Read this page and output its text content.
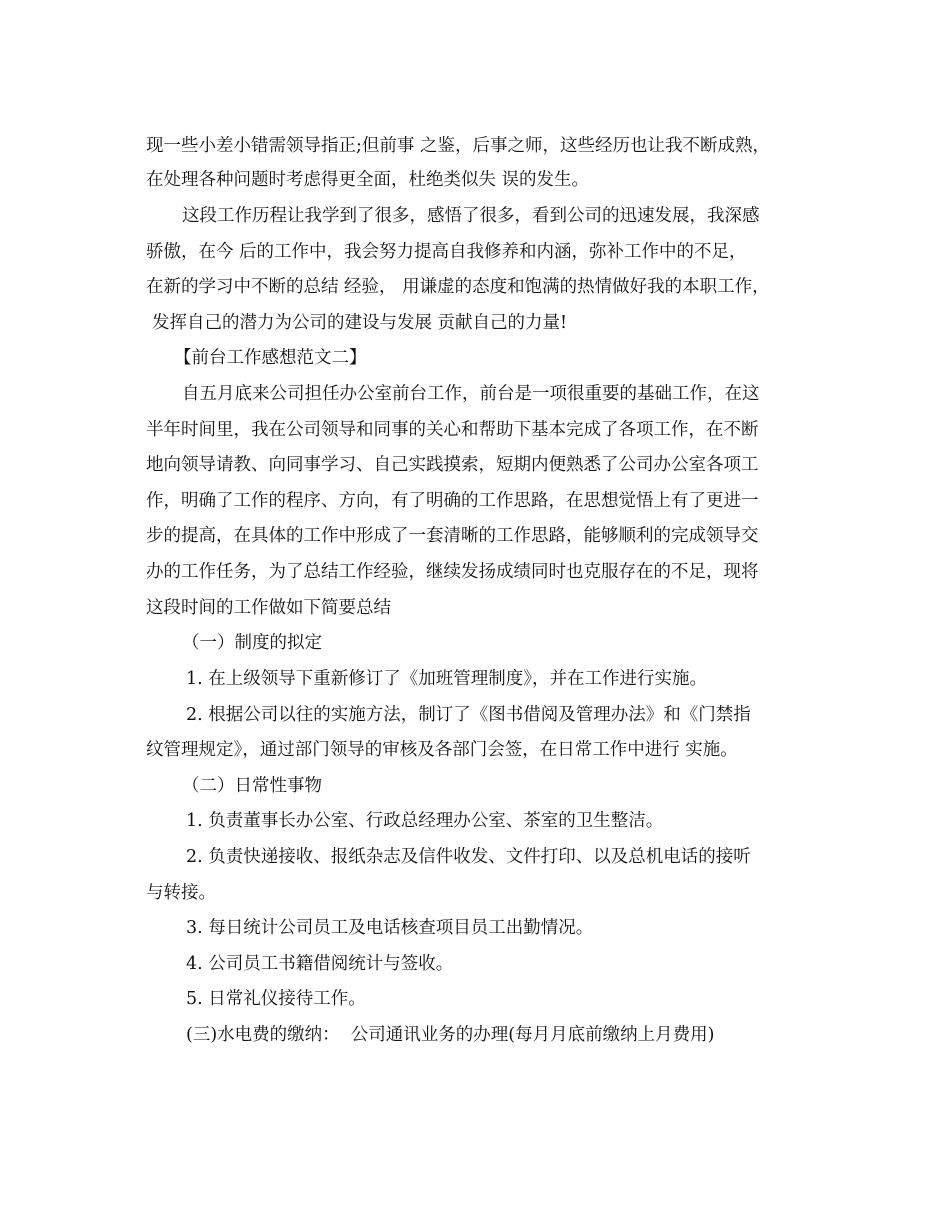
现一些小差小错需领导指正;但前事 之鉴，后事之师，这些经历也让我不断成熟，

在处理各种问题时考虑得更全面，杜绝类似失 误的发生。

这段工作历程让我学到了很多，感悟了很多，看到公司的迅速发展，我深感

骄傲，在今 后的工作中，我会努力提高自我修养和内涵，弥补工作中的不足，

在新的学习中不断的总结 经验， 用谦虚的态度和饱满的热情做好我的本职工作，

发挥自己的潜力为公司的建设与发展 贡献自己的力量!

【前台工作感想范文二】

自五月底来公司担任办公室前台工作，前台是一项很重要的基础工作，在这

半年时间里，我在公司领导和同事的关心和帮助下基本完成了各项工作，在不断

地向领导请教、向同事学习、自己实践摸索，短期内便熟悉了公司办公室各项工

作，明确了工作的程序、方向，有了明确的工作思路，在思想觉悟上有了更进一

步的提高，在具体的工作中形成了一套清晰的工作思路，能够顺利的完成领导交

办的工作任务，为了总结工作经验，继续发扬成绩同时也克服存在的不足，现将

这段时间的工作做如下简要总结

（一）制度的拟定

1. 在上级领导下重新修订了《加班管理制度》，并在工作进行实施。

2. 根据公司以往的实施方法，制订了《图书借阅及管理办法》和《门禁指

纹管理规定》，通过部门领导的审核及各部门会签，在日常工作中进行 实施。

（二）日常性事物

1. 负责董事长办公室、行政总经理办公室、茶室的卫生整洁。

2. 负责快递接收、报纸杂志及信件收发、文件打印、以及总机电话的接听

与转接。

3. 每日统计公司员工及电话核查项目员工出勤情况。

4. 公司员工书籍借阅统计与签收。

5. 日常礼仪接待工作。

(三)水电费的缴纳：  公司通讯业务的办理(每月月底前缴纳上月费用)
